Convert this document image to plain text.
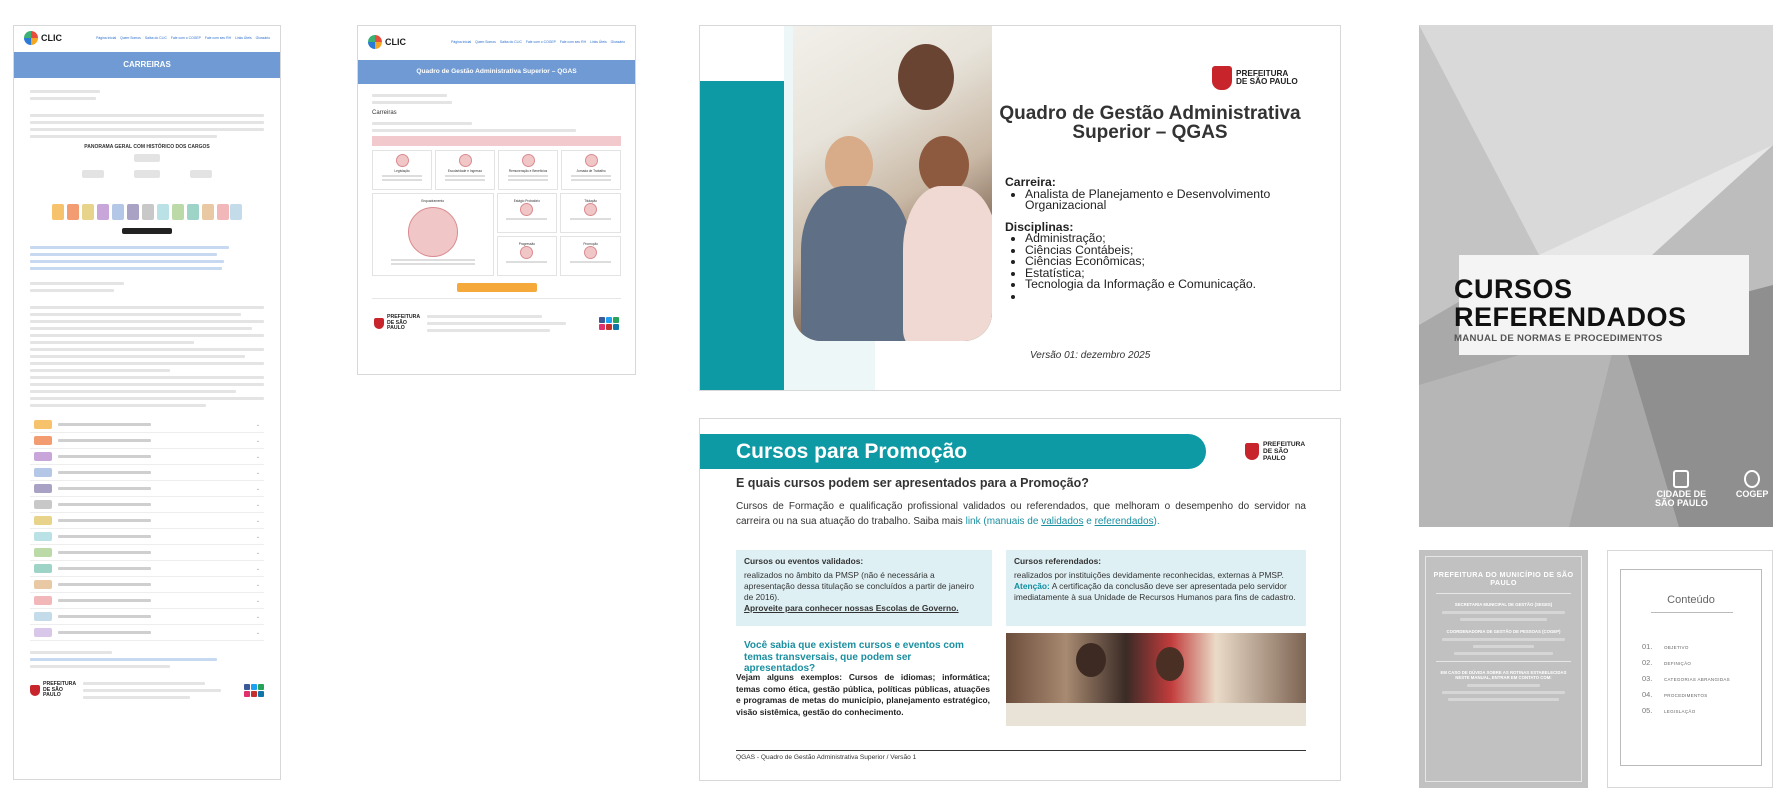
CLIC	Página inicial Quem Somos Saiba do CLIC Fale com o COGEP Fale com seu RH Links Úteis Glossário
CARREIRAS

PANORAMA GERAL COM HISTÓRICO DOS CARGOS

⌄
⌄
⌄
⌄
⌄
⌄
⌄
⌄
⌄
⌄
⌄
⌄
⌄
⌄

PREFEITURA DE SÃO PAULO

CLIC	Página inicial Quem Somos Saiba do CLIC Fale com o COGEP Fale com seu RH Links Úteis Glossário
Quadro de Gestão Administrativa Superior – QGAS

Carreiras

Legislação	Escolaridade e Ingresso	Remuneração e Benefícios	Jornada de Trabalho
Enquadramento	Estágio Probatório	Titulação
Progressão	Promoção
PREFEITURA DE SÃO PAULO

PREFEITURA DE SÃO PAULO
Quadro de Gestão Administrativa Superior – QGAS
Carreira:
• Analista de Planejamento e Desenvolvimento Organizacional
Disciplinas:
• Administração;
• Ciências Contábeis;
• Ciências Econômicas;
• Estatística;
• Tecnologia da Informação e Comunicação.
•
Versão 01: dezembro 2025
Cursos para Promoção	PREFEITURA DE SÃO PAULO
E quais cursos podem ser apresentados para a Promoção?
Cursos de Formação e qualificação profissional validados ou referendados, que melhoram o desempenho do servidor na carreira ou na sua atuação do trabalho. Saiba mais link (manuais de validados e referendados).
Cursos ou eventos validados:
realizados no âmbito da PMSP (não é necessária a apresentação dessa titulação se concluídos a partir de janeiro de 2016).
Aproveite para conhecer nossas Escolas de Governo.
Cursos referendados:
realizados por instituições devidamente reconhecidas, externas à PMSP.
Atenção: A certificação da conclusão deve ser apresentada pelo servidor imediatamente à sua Unidade de Recursos Humanos para fins de cadastro.
Você sabia que existem cursos e eventos com temas transversais, que podem ser apresentados?
Vejam alguns exemplos: Cursos de idiomas; informática; temas como ética, gestão pública, políticas públicas, atuações e programas de metas do município, planejamento estratégico, visão sistêmica, gestão do conhecimento.
QGAS - Quadro de Gestão Administrativa Superior / Versão 1
CURSOS
REFERENDADOS
MANUAL DE NORMAS E PROCEDIMENTOS
CIDADE DE
SÃO PAULO
COGEP
PREFEITURA DO MUNICÍPIO DE SÃO PAULO
SECRETARIA MUNICIPAL DE GESTÃO (SEGES)

COORDENADORIA DE GESTÃO DE PESSOAS (COGEP)

EM CASO DE DÚVIDA SOBRE AS ROTINAS ESTABELECIDAS NESTE MANUAL, ENTRAR EM CONTATO COM:

Conteúdo
01.	OBJETIVO
02.	DEFINIÇÃO
03.	CATEGORIAS ABRANGIDAS
04.	PROCEDIMENTOS
05.	LEGISLAÇÃO
